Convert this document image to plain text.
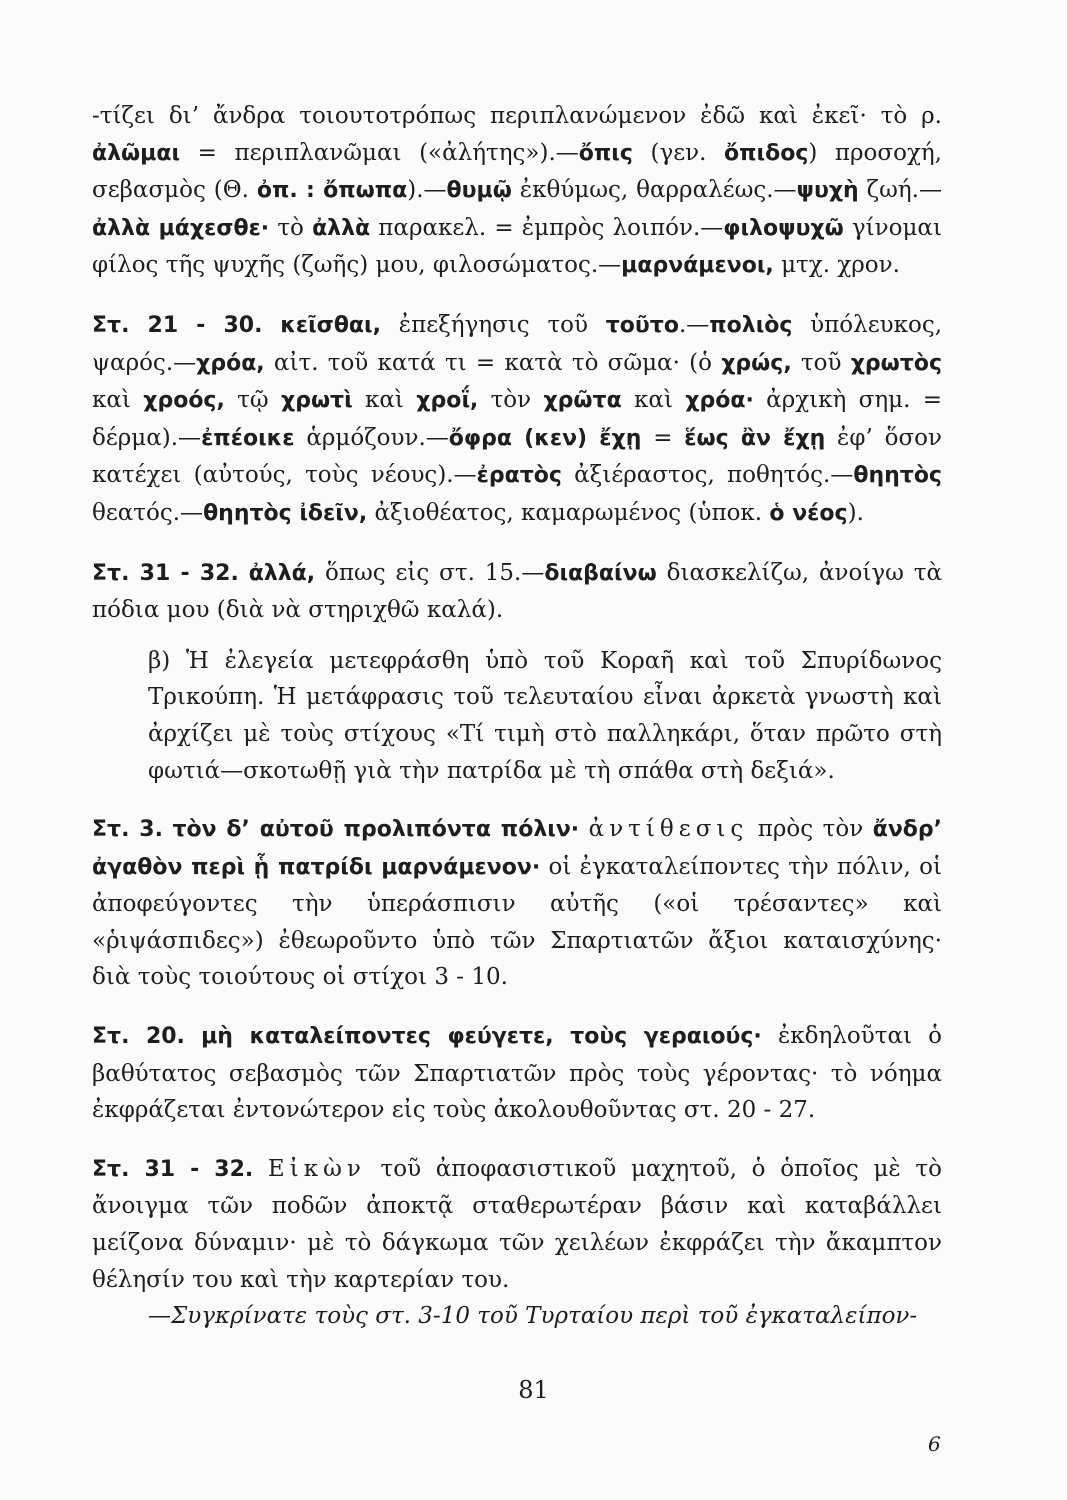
-τίζει δι’ ἄνδρα τοιουτοτρόπως περιπλανώμενον ἐδῶ καὶ ἐκεῖ· τὸ ρ. ἀλῶμαι = περιπλανῶμαι («ἀλήτης»).—ὄπις (γεν. ὄπιδος) προσοχή, σεβασμὸς (Θ. ὀπ. : ὄπωπα).—θυμῷ ἐκθύμως, θαρραλέως.—ψυχὴ ζωή.—ἀλλὰ μάχεσθε· τὸ ἀλλὰ παρακελ. = ἐμπρὸς λοιπόν.—φιλοψυχῶ γίνομαι φίλος τῆς ψυχῆς (ζωῆς) μου, φιλοσώματος.—μαρνάμενοι, μτχ. χρον.

Στ. 21 - 30. κεῖσθαι, ἐπεξήγησις τοῦ τοῦτο.—πολιὸς ὑπόλευκος, ψαρός.—χρόα, αἰτ. τοῦ κατά τι = κατὰ τὸ σῶμα· (ὁ χρώς, τοῦ χρωτὸς καὶ χροός, τῷ χρωτὶ καὶ χροΐ, τὸν χρῶτα καὶ χρόα· ἀρχικὴ σημ. = δέρμα).—ἐπέοικε ἁρμόζουν.—ὄφρα (κεν) ἔχῃ = ἕως ἂν ἔχῃ ἐφ’ ὅσον κατέχει (αὐτούς, τοὺς νέους).—ἐρατὸς ἀξιέραστος, ποθητός.—θηητὸς θεατός.—θηητὸς ἰδεῖν, ἀξιοθέατος, καμαρωμένος (ὑποκ. ὁ νέος).

Στ. 31 - 32. ἀλλά, ὅπως εἰς στ. 15.—διαβαίνω διασκελίζω, ἀνοίγω τὰ πόδια μου (διὰ νὰ στηριχθῶ καλά).

β) Ἡ ἐλεγεία μετεφράσθη ὑπὸ τοῦ Κοραῆ καὶ τοῦ Σπυρίδωνος Τρικούπη. Ἡ μετάφρασις τοῦ τελευταίου εἶναι ἀρκετὰ γνωστὴ καὶ ἀρχίζει μὲ τοὺς στίχους «Τί τιμὴ στὸ παλληκάρι, ὅταν πρῶτο στὴ φωτιά—σκοτωθῇ γιὰ τὴν πατρίδα μὲ τὴ σπάθα στὴ δεξιά».

Στ. 3. τὸν δ’ αὐτοῦ προλιπόντα πόλιν· ἀντίθεσις πρὸς τὸν ἄνδρ’ ἀγαθὸν περὶ ᾗ πατρίδι μαρνάμενον· οἱ ἐγκαταλείποντες τὴν πόλιν, οἱ ἀποφεύγοντες τὴν ὑπεράσπισιν αὐτῆς («οἱ τρέσαντες» καὶ «ῥιψάσπιδες») ἐθεωροῦντο ὑπὸ τῶν Σπαρτιατῶν ἄξιοι καταισχύνης· διὰ τοὺς τοιούτους οἱ στίχοι 3 - 10.

Στ. 20. μὴ καταλείποντες φεύγετε, τοὺς γεραιούς· ἐκδηλοῦται ὁ βαθύτατος σεβασμὸς τῶν Σπαρτιατῶν πρὸς τοὺς γέροντας· τὸ νόημα ἐκφράζεται ἐντονώτερον εἰς τοὺς ἀκολουθοῦντας στ. 20 - 27.

Στ. 31 - 32. Εἰκὼν τοῦ ἀποφασιστικοῦ μαχητοῦ, ὁ ὁποῖος μὲ τὸ ἄνοιγμα τῶν ποδῶν ἀποκτᾷ σταθερωτέραν βάσιν καὶ καταβάλλει μείζονα δύναμιν· μὲ τὸ δάγκωμα τῶν χειλέων ἐκφράζει τὴν ἄκαμπτον θέλησίν του καὶ τὴν καρτερίαν του.

—Συγκρίνατε τοὺς στ. 3-10 τοῦ Τυρταίου περὶ τοῦ ἐγκαταλείπον-

81
6
